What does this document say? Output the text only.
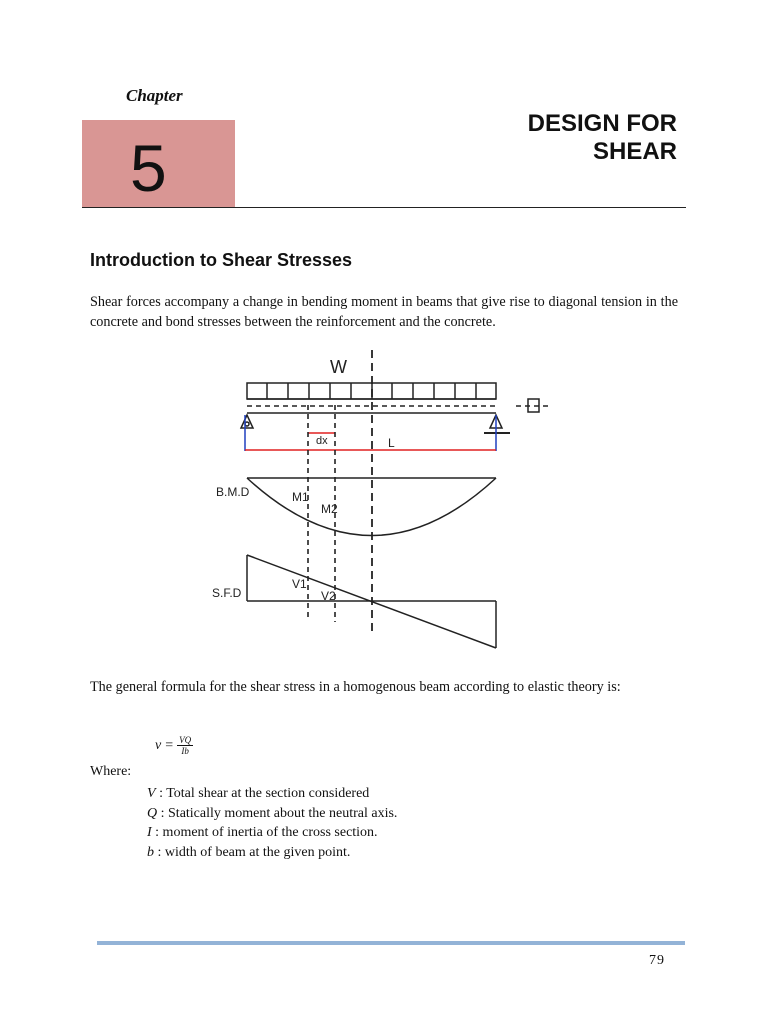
Chapter
5
DESIGN FOR
SHEAR
Introduction to Shear Stresses
Shear forces accompany a change in bending moment in beams that give rise to diagonal tension in the concrete and bond stresses between the reinforcement and the concrete.
W
dx	L
B.M.D	M1
M2
S.F.D
V1
V2
The general formula for the shear stress in a homogenous beam according to elastic theory is:
$v = \frac{VQ}{Ib}$
Where:
V : Total shear at the section considered
Q : Statically moment about the neutral axis.
I : moment of inertia of the cross section.
b : width of beam at the given point.
79
